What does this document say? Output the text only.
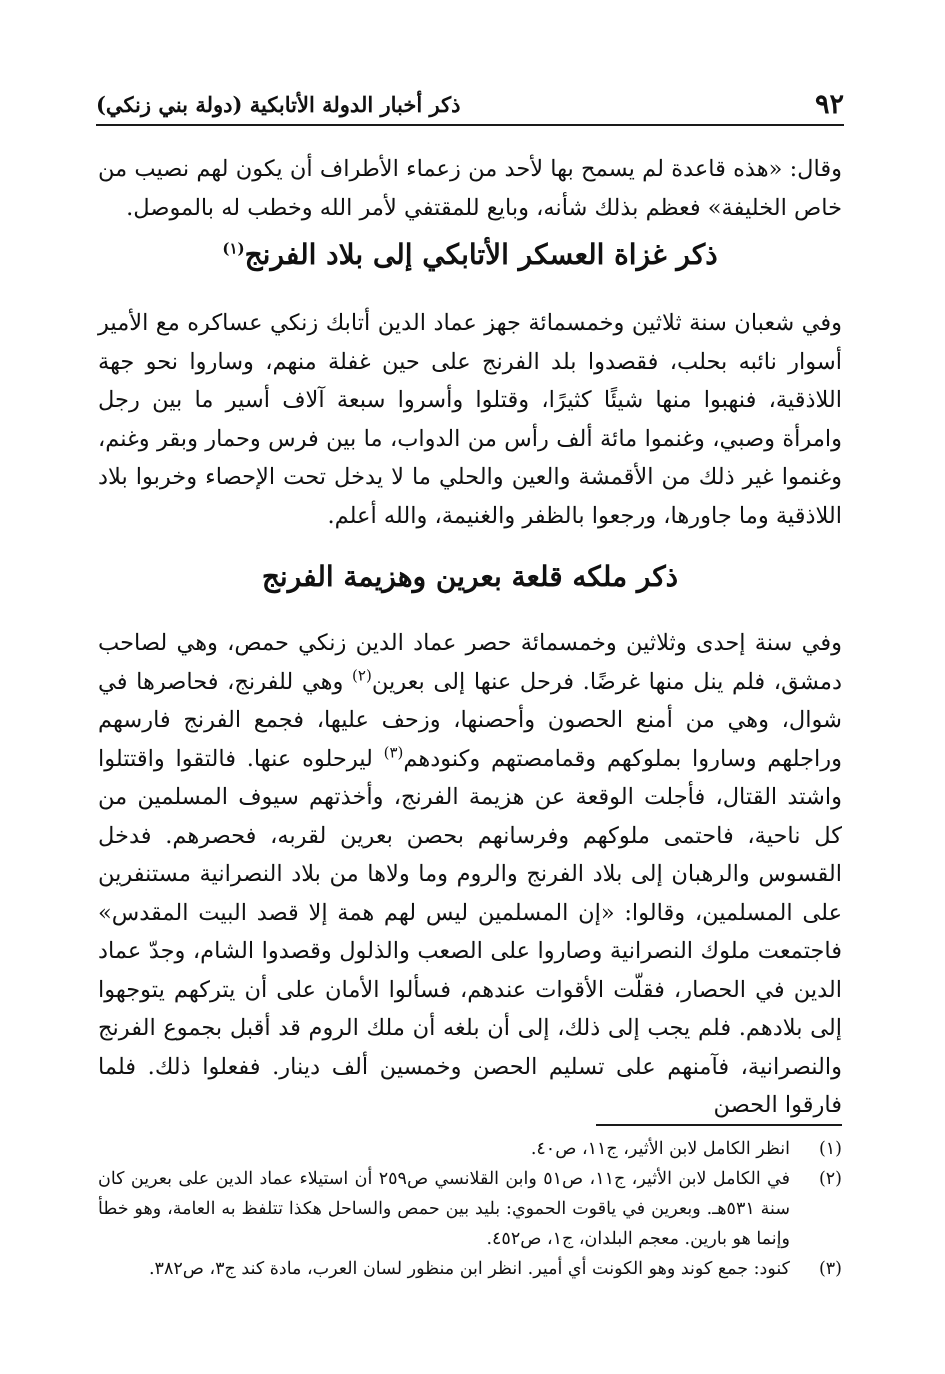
٩٢
ذكر أخبار الدولة الأتابكية (دولة بني زنكي)

وقال: «هذه قاعدة لم يسمح بها لأحد من زعماء الأطراف أن يكون لهم نصيب من خاص الخليفة» فعظم بذلك شأنه، وبايع للمقتفي لأمر الله وخطب له بالموصل.

ذكر غزاة العسكر الأتابكي إلى بلاد الفرنج$^{(١)}$

وفي شعبان سنة ثلاثين وخمسمائة جهز عماد الدين أتابك زنكي عساكره مع الأمير أسوار نائبه بحلب، فقصدوا بلد الفرنج على حين غفلة منهم، وساروا نحو جهة اللاذقية، فنهبوا منها شيئًا كثيرًا، وقتلوا وأسروا سبعة آلاف أسير ما بين رجل وامرأة وصبي، وغنموا مائة ألف رأس من الدواب، ما بين فرس وحمار وبقر وغنم، وغنموا غير ذلك من الأقمشة والعين والحلي ما لا يدخل تحت الإحصاء وخربوا بلاد اللاذقية وما جاورها، ورجعوا بالظفر والغنيمة، والله أعلم.

ذكر ملكه قلعة بعرين وهزيمة الفرنج

وفي سنة إحدى وثلاثين وخمسمائة حصر عماد الدين زنكي حمص، وهي لصاحب دمشق، فلم ينل منها غرضًا. فرحل عنها إلى بعرين$^{(٢)}$ وهي للفرنج، فحاصرها في شوال، وهي من أمنع الحصون وأحصنها، وزحف عليها، فجمع الفرنج فارسهم وراجلهم وساروا بملوكهم وقمامصتهم وكنودهم$^{(٣)}$ ليرحلوه عنها. فالتقوا واقتتلوا واشتد القتال، فأجلت الوقعة عن هزيمة الفرنج، وأخذتهم سيوف المسلمين من كل ناحية، فاحتمى ملوكهم وفرسانهم بحصن بعرين لقربه، فحصرهم. فدخل القسوس والرهبان إلى بلاد الفرنج والروم وما ولاها من بلاد النصرانية مستنفرين على المسلمين، وقالوا: «إن المسلمين ليس لهم همة إلا قصد البيت المقدس» فاجتمعت ملوك النصرانية وصاروا على الصعب والذلول وقصدوا الشام، وجدّ عماد الدين في الحصار، فقلّت الأقوات عندهم، فسألوا الأمان على أن يتركهم يتوجهوا إلى بلادهم. فلم يجب إلى ذلك، إلى أن بلغه أن ملك الروم قد أقبل بجموع الفرنج والنصرانية، فآمنهم على تسليم الحصن وخمسين ألف دينار. ففعلوا ذلك. فلما فارقوا الحصن

(١)
انظر الكامل لابن الأثير، ج١١، ص٤٠.
(٢)
في الكامل لابن الأثير، ج١١، ص٥١ وابن القلانسي ص٢٥٩ أن استيلاء عماد الدين على بعرين كان سنة ٥٣١هـ. وبعرين في ياقوت الحموي: بليد بين حمص والساحل هكذا تتلفظ به العامة، وهو خطأ وإنما هو بارين. معجم البلدان، ج١، ص٤٥٢.
(٣)
كنود: جمع كوند وهو الكونت أي أمير. انظر ابن منظور لسان العرب، مادة كند ج٣، ص٣٨٢.
